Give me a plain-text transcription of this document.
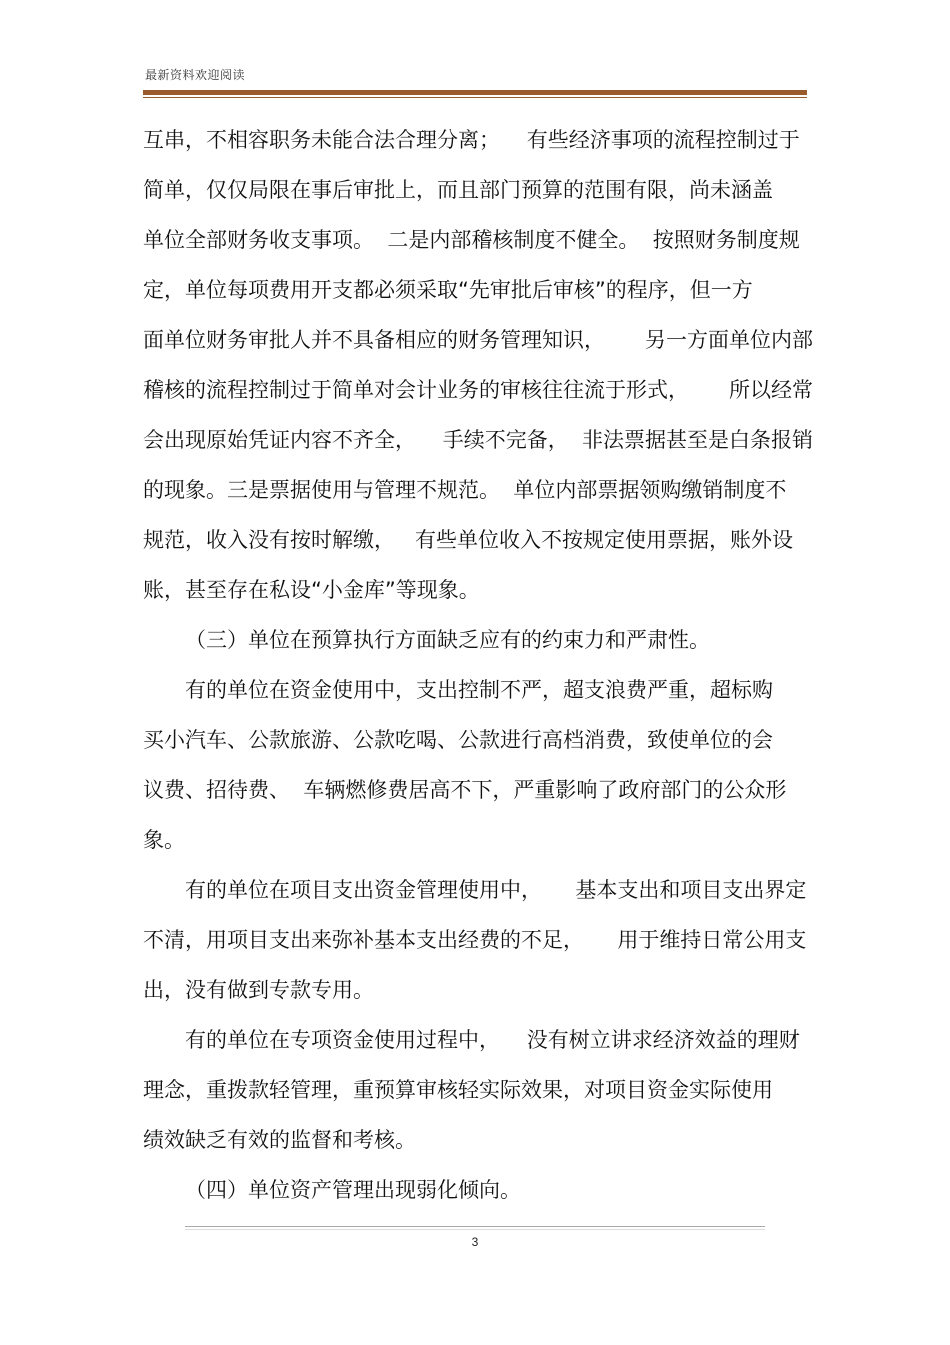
最新资料欢迎阅读
互串，不相容职务未能合法合理分离；    有些经济事项的流程控制过于
简单，仅仅局限在事后审批上，而且部门预算的范围有限，尚未涵盖
单位全部财务收支事项。  二是内部稽核制度不健全。  按照财务制度规
定，单位每项费用开支都必须采取“先审批后审核”的程序，但一方
面单位财务审批人并不具备相应的财务管理知识，      另一方面单位内部
稽核的流程控制过于简单对会计业务的审核往往流于形式，      所以经常
会出现原始凭证内容不齐全，    手续不完备，  非法票据甚至是白条报销
的现象。三是票据使用与管理不规范。  单位内部票据领购缴销制度不
规范，收入没有按时解缴，   有些单位收入不按规定使用票据，账外设
账，甚至存在私设“小金库”等现象。
（三）单位在预算执行方面缺乏应有的约束力和严肃性。
有的单位在资金使用中，支出控制不严，超支浪费严重，超标购
买小汽车、公款旅游、公款吃喝、公款进行高档消费，致使单位的会
议费、招待费、  车辆燃修费居高不下，严重影响了政府部门的公众形
象。
有的单位在项目支出资金管理使用中，     基本支出和项目支出界定
不清，用项目支出来弥补基本支出经费的不足，     用于维持日常公用支
出，没有做到专款专用。
有的单位在专项资金使用过程中，    没有树立讲求经济效益的理财
理念，重拨款轻管理，重预算审核轻实际效果，对项目资金实际使用
绩效缺乏有效的监督和考核。
（四）单位资产管理出现弱化倾向。
3
